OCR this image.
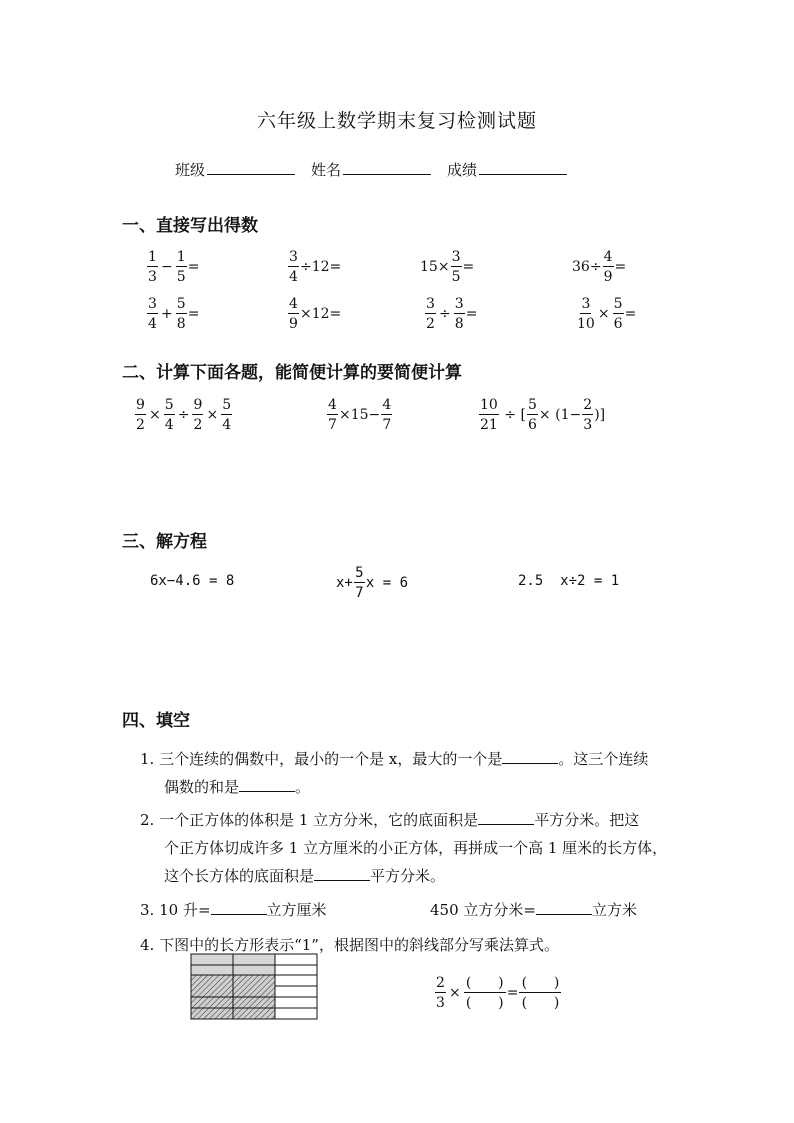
六年级上数学期末复习检测试题
班级	姓名	成绩
一、直接写出得数
$\frac{1}{3} - \frac{1}{5}$ =	$\frac{3}{4} \div 12=$	$15\times \frac{3}{5}$ =	$36\div \frac{4}{9}$ =
$\frac{3}{4} + \frac{5}{8}$ =	$\frac{4}{9} \times 12=$	$\frac{3}{2} \div \frac{3}{8}$ =	$\frac{3}{10} \times \frac{5}{6}$ =
二、计算下面各题，能简便计算的要简便计算
$\frac{9}{2} \times \frac{5}{4} \div \frac{9}{2} \times \frac{5}{4}$	$\frac{4}{7} \times 15- \frac{4}{7}$	$\frac{10}{21}$ ÷ [ $\frac{5}{6} \times (1- \frac{2}{3}$ )]
三、解方程
6x−4.6 = 8	$x+ \frac{5}{7}$ x = 6	2.5  x÷2 = 1
四、填空
1. 三个连续的偶数中，最小的一个是 x，最大的一个是	。这三个连续
偶数的和是	。
2. 一个正方体的体积是 1 立方分米，它的底面积是	平方分米。把这
个正方体切成许多 1 立方厘米的小正方体，再拼成一个高 1 厘米的长方体，
这个长方体的底面积是	平方分米。
3. 10 升=	立方厘米	450 立方分米=	立方米
4. 下图中的长方形表示“1”，根据图中的斜线部分写乘法算式。
$\frac{2}{3} \times \frac{( )}{( )} = \frac{( )}{( )}$
